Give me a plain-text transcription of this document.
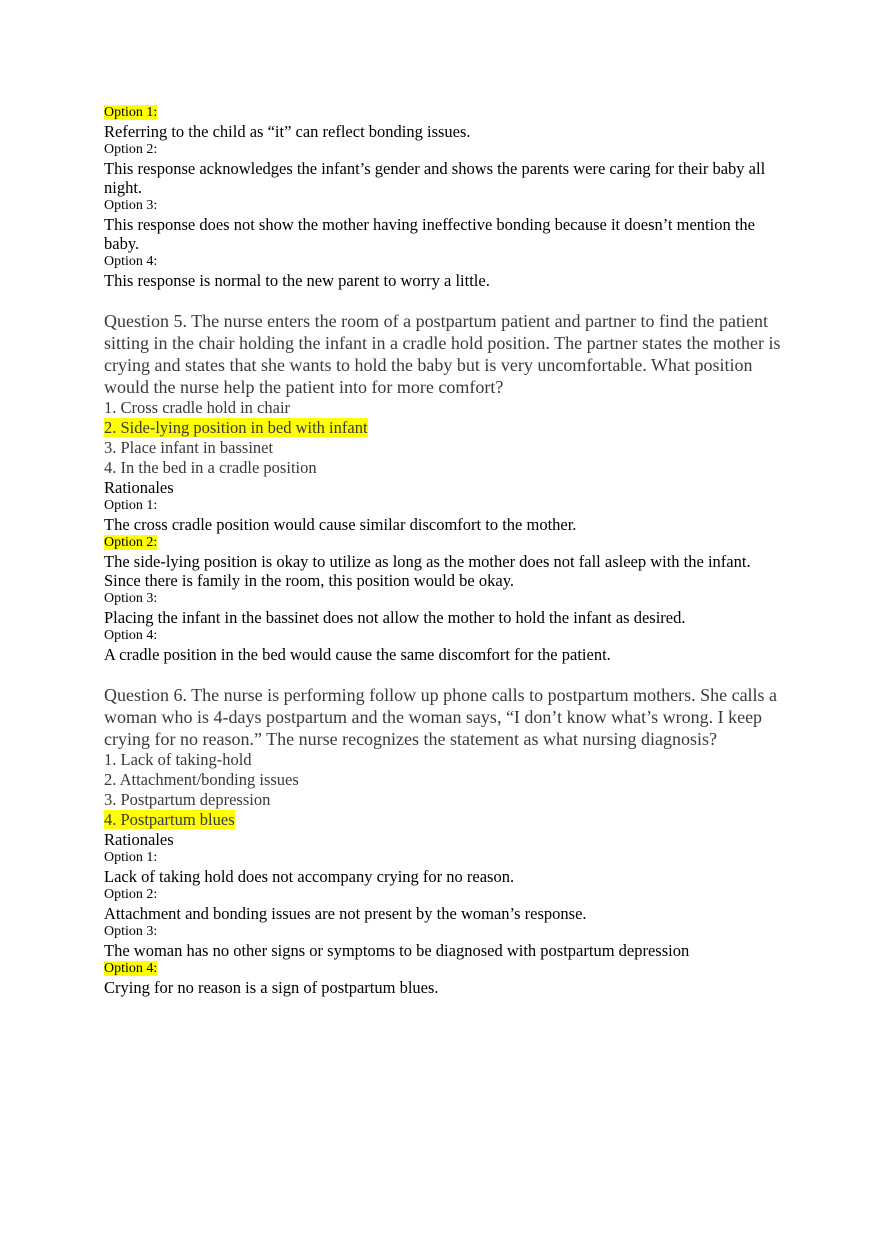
Option 1:

Referring to the child as “it” can reflect bonding issues.

Option 2:

This response acknowledges the infant’s gender and shows the parents were caring for their baby all night.

Option 3:

This response does not show the mother having ineffective bonding because it doesn’t mention the baby.

Option 4:

This response is normal to the new parent to worry a little.

Question 5. The nurse enters the room of a postpartum patient and partner to find the patient sitting in the chair holding the infant in a cradle hold position. The partner states the mother is crying and states that she wants to hold the baby but is very uncomfortable. What position would the nurse help the patient into for more comfort?

1. Cross cradle hold in chair

2. Side-lying position in bed with infant

3. Place infant in bassinet

4. In the bed in a cradle position

Rationales

Option 1:

The cross cradle position would cause similar discomfort to the mother.

Option 2:

The side-lying position is okay to utilize as long as the mother does not fall asleep with the infant. Since there is family in the room, this position would be okay.

Option 3:

Placing the infant in the bassinet does not allow the mother to hold the infant as desired.

Option 4:

A cradle position in the bed would cause the same discomfort for the patient.

Question 6. The nurse is performing follow up phone calls to postpartum mothers. She calls a woman who is 4-days postpartum and the woman says, “I don’t know what’s wrong. I keep crying for no reason.” The nurse recognizes the statement as what nursing diagnosis?

1. Lack of taking-hold

2. Attachment/bonding issues

3. Postpartum depression

4. Postpartum blues

Rationales

Option 1:

Lack of taking hold does not accompany crying for no reason.

Option 2:

Attachment and bonding issues are not present by the woman’s response.

Option 3:

The woman has no other signs or symptoms to be diagnosed with postpartum depression

Option 4:

Crying for no reason is a sign of postpartum blues.
